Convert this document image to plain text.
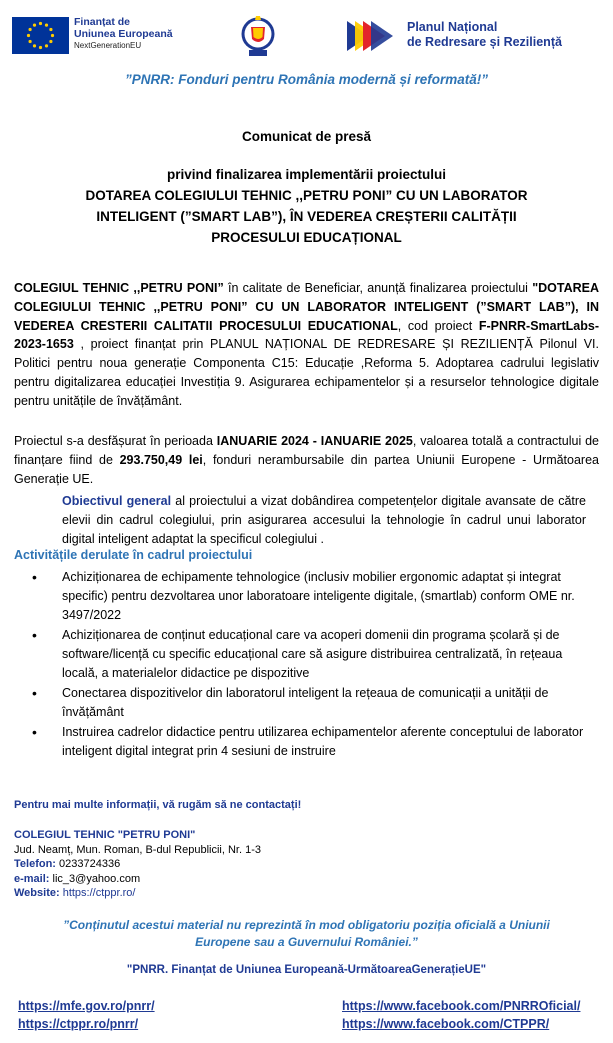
Finanțat de
Uniunea Europeană
NextGenerationEU
Planul Național
de Redresare și Reziliență
”PNRR: Fonduri pentru România modernă și reformată!”
Comunicat de presă
privind finalizarea implementării proiectului
DOTAREA COLEGIULUI TEHNIC ,,PETRU PONI” CU UN LABORATOR
INTELIGENT (”SMART LAB”), ÎN VEDEREA CREȘTERII CALITĂȚII
PROCESULUI EDUCAȚIONAL
COLEGIUL TEHNIC ,,PETRU PONI” în calitate de Beneficiar, anunță finalizarea proiectului "DOTAREA COLEGIULUI TEHNIC ,,PETRU PONI” CU UN LABORATOR INTELIGENT (”SMART LAB”), IN VEDEREA CRESTERII CALITATII PROCESULUI EDUCATIONAL, cod proiect F-PNRR-SmartLabs-2023-1653 , proiect finanțat prin PLANUL NAȚIONAL DE REDRESARE ȘI REZILIENȚĂ Pilonul VI. Politici pentru noua generație Componenta C15: Educație ,Reforma 5. Adoptarea cadrului legislativ pentru digitalizarea educației Investiția 9. Asigurarea echipamentelor și a resurselor tehnologice digitale pentru unitățile de învățământ.
Proiectul s-a desfășurat în perioada IANUARIE 2024 - IANUARIE 2025, valoarea totală a contractului de finanțare fiind de 293.750,49 lei, fonduri nerambursabile din partea Uniunii Europene - Următoarea Generație UE.
Obiectivul general al proiectului a vizat dobândirea competențelor digitale avansate de către elevii din cadrul colegiului, prin asigurarea accesului la tehnologie în cadrul unui laborator digital inteligent adaptat la specificul colegiului .
Activitățile derulate în cadrul proiectului
• Achiziționarea de echipamente tehnologice (inclusiv mobilier ergonomic adaptat și integrat specific) pentru dezvoltarea unor laboratoare inteligente digitale, (smartlab) conform OME nr. 3497/2022
• Achiziționarea de conținut educațional care va acoperi domenii din programa școlară și de software/licență cu specific educațional care să asigure distribuirea centralizată, în rețeaua locală, a materialelor didactice pe dispozitive
• Conectarea dispozitivelor din laboratorul inteligent la rețeaua de comunicații a unității de învățământ
• Instruirea cadrelor didactice pentru utilizarea echipamentelor aferente conceptului de laborator inteligent digital integrat prin 4 sesiuni de instruire
Pentru mai multe informații, vă rugăm să ne contactați!
COLEGIUL TEHNIC "PETRU PONI"
Jud. Neamț, Mun. Roman, B-dul Republicii, Nr. 1-3
Telefon: 0233724336
e-mail: lic_3@yahoo.com
Website: https://ctppr.ro/
”Conținutul acestui material nu reprezintă în mod obligatoriu poziția oficială a Uniunii Europene sau a Guvernului României.”
"PNRR. Finanțat de Uniunea Europeană-UrmătoareaGenerațieUE"
https://mfe.gov.ro/pnrr/
https://ctppr.ro/pnrr/
https://www.facebook.com/PNRROficial/
https://www.facebook.com/CTPPR/
